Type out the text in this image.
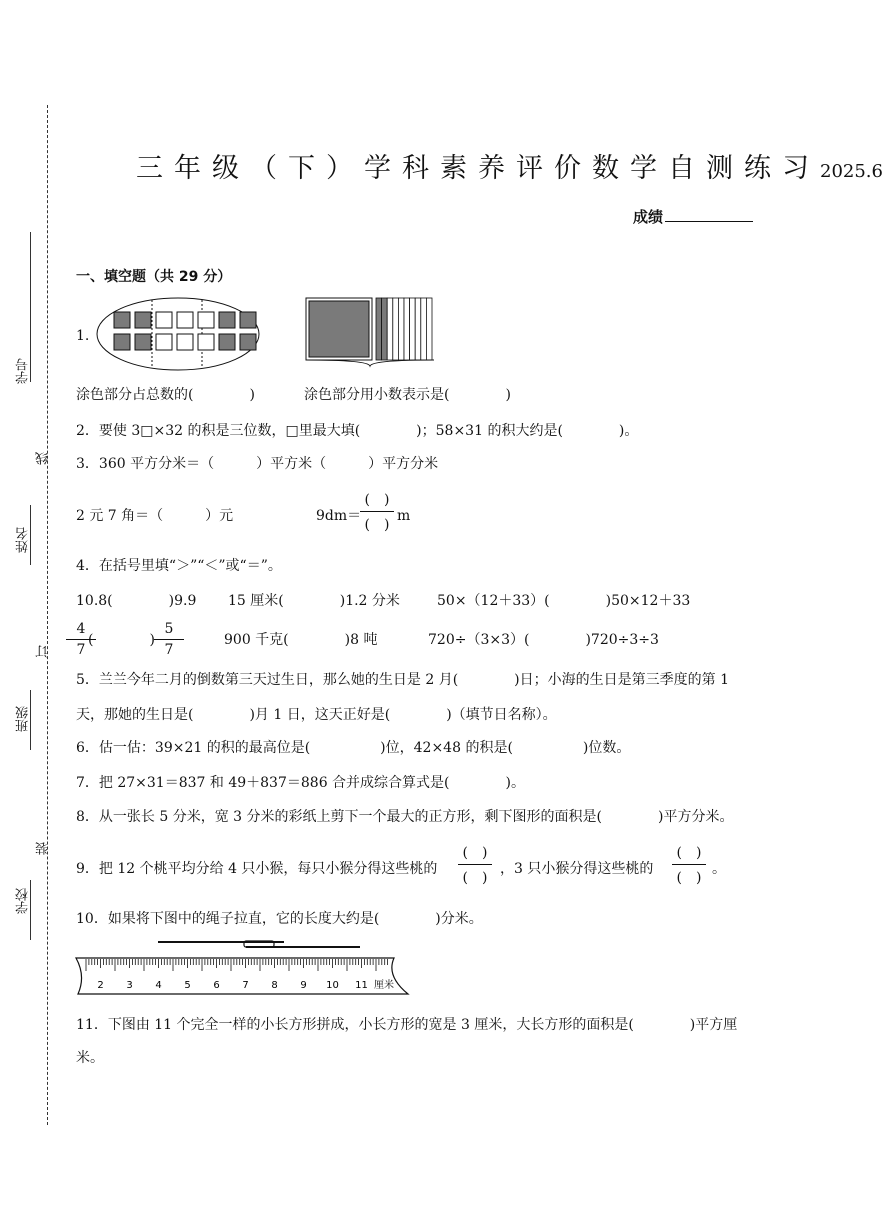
学校
装
班级
订
姓名
线
学号
三年级（下）学科素养评价数学自测练习2025.6
成绩
一、填空题（共 29 分）
1.
涂色部分占总数的(　　　　)	涂色部分用小数表示是(　　　　)
2．要使 3□×32 的积是三位数，□里最大填(　　　　)；58×31 的积大约是(　　　　)。
3．360 平方分米＝（　　　）平方米（　　　）平方分米
2 元 7 角＝（　　　）元	9dm＝
(　 )
(　 )
m
4．在括号里填“＞”“＜”或“＝”。
10.8(　　　　)9.9 15 厘米(　　　　)1.2 分米	50×（12＋33）(　　　　)50×12＋33
4
7
(　　　　)
5
7
900 千克(　　　　)8 吨	720÷（3×3）(　　　　)720÷3÷3
5．兰兰今年二月的倒数第三天过生日，那么她的生日是 2 月(　　　　)日；小海的生日是第三季度的第 1
天，那她的生日是(　　　　)月 1 日，这天正好是(　　　　)（填节日名称）。
6．估一估：39×21 的积的最高位是(　　　　　)位，42×48 的积是(　　　　　)位数。
7．把 27×31＝837 和 49＋837＝886 合并成综合算式是(　　　　)。
8．从一张长 5 分米，宽 3 分米的彩纸上剪下一个最大的正方形，剩下图形的面积是(　　　　)平方分米。
9．把 12 个桃平均分给 4 只小猴，每只小猴分得这些桃的
(　 )
(　 )
，3 只小猴分得这些桃的
(　 )
(　 )
。
10．如果将下图中的绳子拉直，它的长度大约是(　　　　)分米。
2 3 4 5 6 7 8 9 10 11 厘米
11．下图由 11 个完全一样的小长方形拼成，小长方形的宽是 3 厘米，大长方形的面积是(　　　　)平方厘
米。
